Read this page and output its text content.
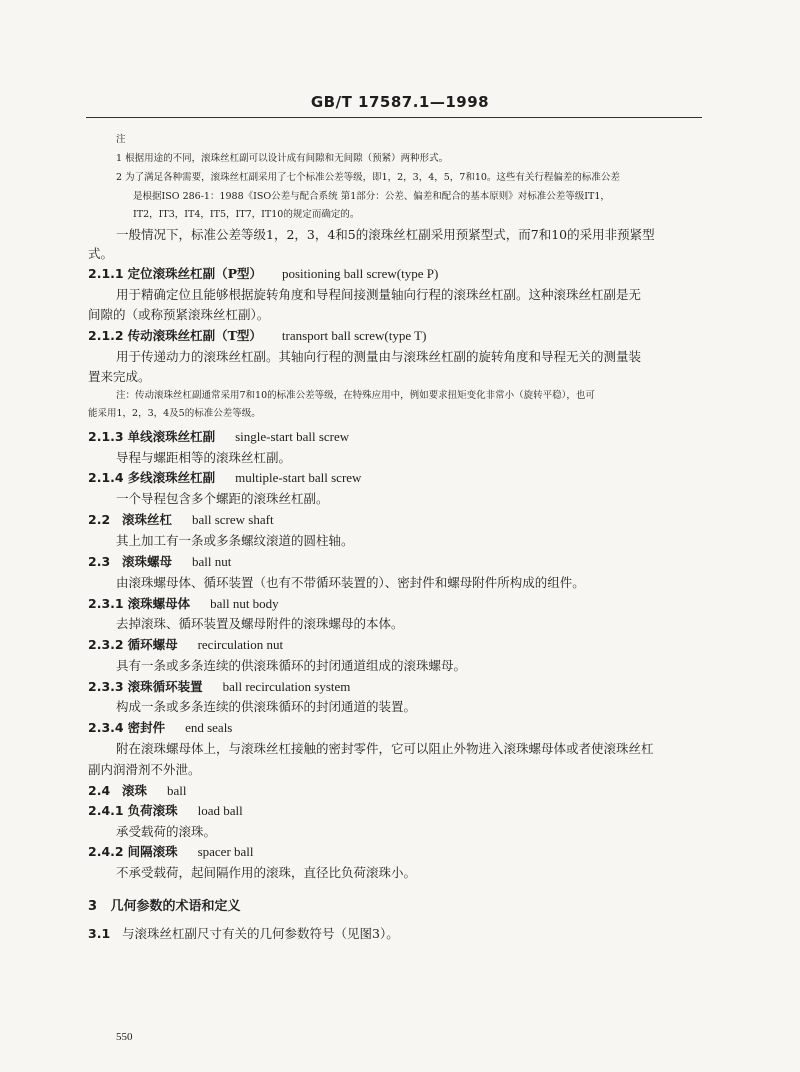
GB/T 17587.1—1998
注
1 根据用途的不同，滚珠丝杠副可以设计成有间隙和无间隙（预紧）两种形式。
2 为了满足各种需要，滚珠丝杠副采用了七个标准公差等级，即1，2，3，4，5，7和10。这些有关行程偏差的标准公差
是根据ISO 286-1：1988《ISO公差与配合系统 第1部分：公差、偏差和配合的基本原则》对标准公差等级IT1，
IT2，IT3，IT4，IT5，IT7，IT10的规定而确定的。
一般情况下，标准公差等级1，2，3，4和5的滚珠丝杠副采用预紧型式，而7和10的采用非预紧型
式。
2.1.1 定位滚珠丝杠副（P型） positioning ball screw(type P)
用于精确定位且能够根据旋转角度和导程间接测量轴向行程的滚珠丝杠副。这种滚珠丝杠副是无
间隙的（或称预紧滚珠丝杠副）。
2.1.2 传动滚珠丝杠副（T型） transport ball screw(type T)
用于传递动力的滚珠丝杠副。其轴向行程的测量由与滚珠丝杠副的旋转角度和导程无关的测量装
置来完成。
注：传动滚珠丝杠副通常采用7和10的标准公差等级，在特殊应用中，例如要求扭矩变化非常小（旋转平稳），也可
能采用1，2，3，4及5的标准公差等级。
2.1.3 单线滚珠丝杠副 single-start ball screw
导程与螺距相等的滚珠丝杠副。
2.1.4 多线滚珠丝杠副 multiple-start ball screw
一个导程包含多个螺距的滚珠丝杠副。
2.2 滚珠丝杠 ball screw shaft
其上加工有一条或多条螺纹滚道的圆柱轴。
2.3 滚珠螺母 ball nut
由滚珠螺母体、循环装置（也有不带循环装置的）、密封件和螺母附件所构成的组件。
2.3.1 滚珠螺母体 ball nut body
去掉滚珠、循环装置及螺母附件的滚珠螺母的本体。
2.3.2 循环螺母 recirculation nut
具有一条或多条连续的供滚珠循环的封闭通道组成的滚珠螺母。
2.3.3 滚珠循环装置 ball recirculation system
构成一条或多条连续的供滚珠循环的封闭通道的装置。
2.3.4 密封件 end seals
附在滚珠螺母体上，与滚珠丝杠接触的密封零件，它可以阻止外物进入滚珠螺母体或者使滚珠丝杠
副内润滑剂不外泄。
2.4 滚珠 ball
2.4.1 负荷滚珠 load ball
承受载荷的滚珠。
2.4.2 间隔滚珠 spacer ball
不承受载荷，起间隔作用的滚珠，直径比负荷滚珠小。
3 几何参数的术语和定义
3.1 与滚珠丝杠副尺寸有关的几何参数符号（见图3）。
550
